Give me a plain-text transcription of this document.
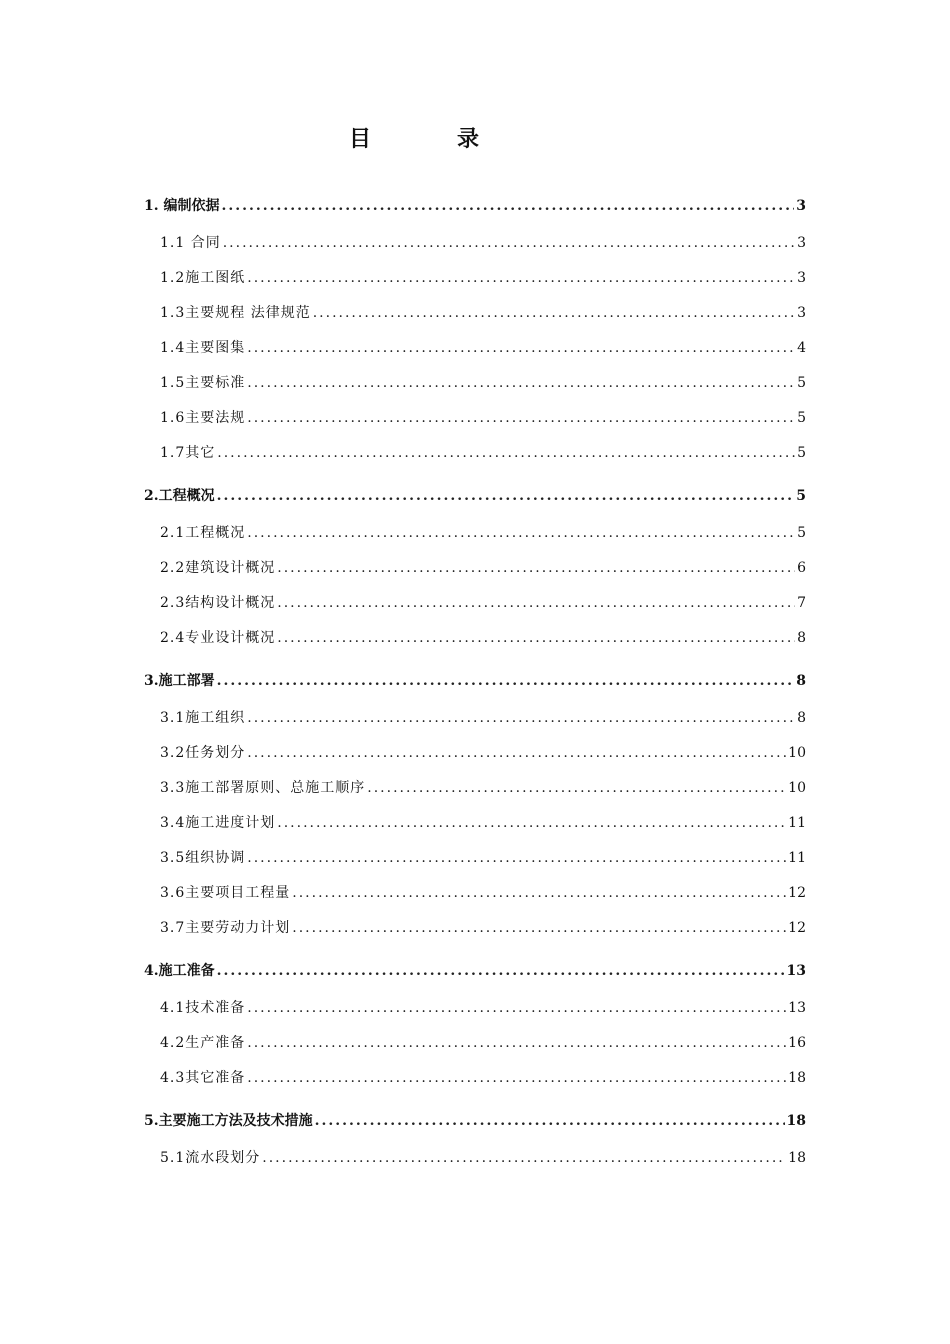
目　录
1. 编制依据 .....	3
1.1 合同 .....	3
1.2施工图纸 .....	3
1.3主要规程 法律规范 .....	3
1.4主要图集 .....	4
1.5主要标准 .....	5
1.6主要法规 .....	5
1.7其它 .....	5
2.工程概况 .....	5
2.1工程概况 .....	5
2.2建筑设计概况 .....	6
2.3结构设计概况 .....	7
2.4专业设计概况 .....	8
3.施工部署 .....	8
3.1施工组织 .....	8
3.2任务划分 .....	10
3.3施工部署原则、总施工顺序 .....	10
3.4施工进度计划 .....	11
3.5组织协调 .....	11
3.6主要项目工程量 .....	12
3.7主要劳动力计划 .....	12
4.施工准备 .....	13
4.1技术准备 .....	13
4.2生产准备 .....	16
4.3其它准备 .....	18
5.主要施工方法及技术措施 .....	18
5.1流水段划分 .....	18
